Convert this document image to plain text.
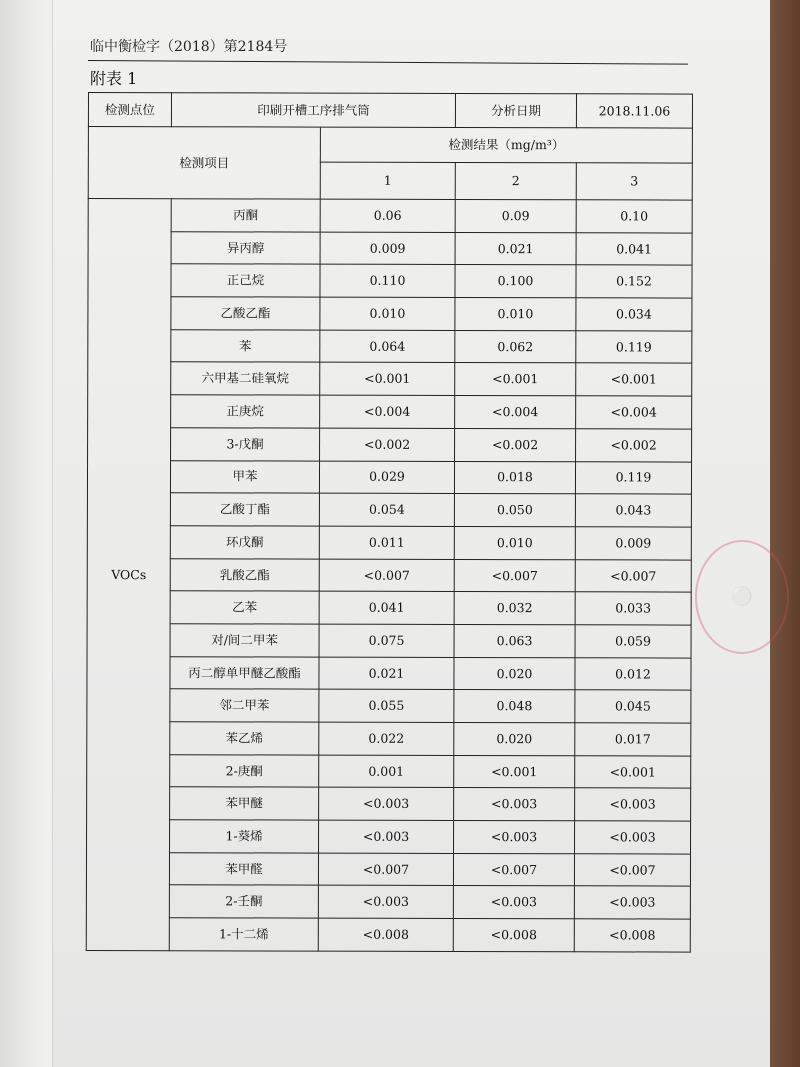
临中衡检字（2018）第2184号
附表 1
检测点位	印刷开槽工序排气筒		分析日期	2018.11.06
检测项目		检测结果（mg/m³）		
		1	2	3
VOCs	丙酮	0.06	0.09	0.10
	异丙醇	0.009	0.021	0.041
	正己烷	0.110	0.100	0.152
	乙酸乙酯	0.010	0.010	0.034
	苯	0.064	0.062	0.119
	六甲基二硅氧烷	<0.001	<0.001	<0.001
	正庚烷	<0.004	<0.004	<0.004
	3-戊酮	<0.002	<0.002	<0.002
	甲苯	0.029	0.018	0.119
	乙酸丁酯	0.054	0.050	0.043
	环戊酮	0.011	0.010	0.009
	乳酸乙酯	<0.007	<0.007	<0.007
	乙苯	0.041	0.032	0.033
	对/间二甲苯	0.075	0.063	0.059
	丙二醇单甲醚乙酸酯	0.021	0.020	0.012
	邻二甲苯	0.055	0.048	0.045
	苯乙烯	0.022	0.020	0.017
	2-庚酮	0.001	<0.001	<0.001
	苯甲醚	<0.003	<0.003	<0.003
	1-葵烯	<0.003	<0.003	<0.003
	苯甲醛	<0.007	<0.007	<0.007
	2-壬酮	<0.003	<0.003	<0.003
	1-十二烯	<0.008	<0.008	<0.008
⚪
